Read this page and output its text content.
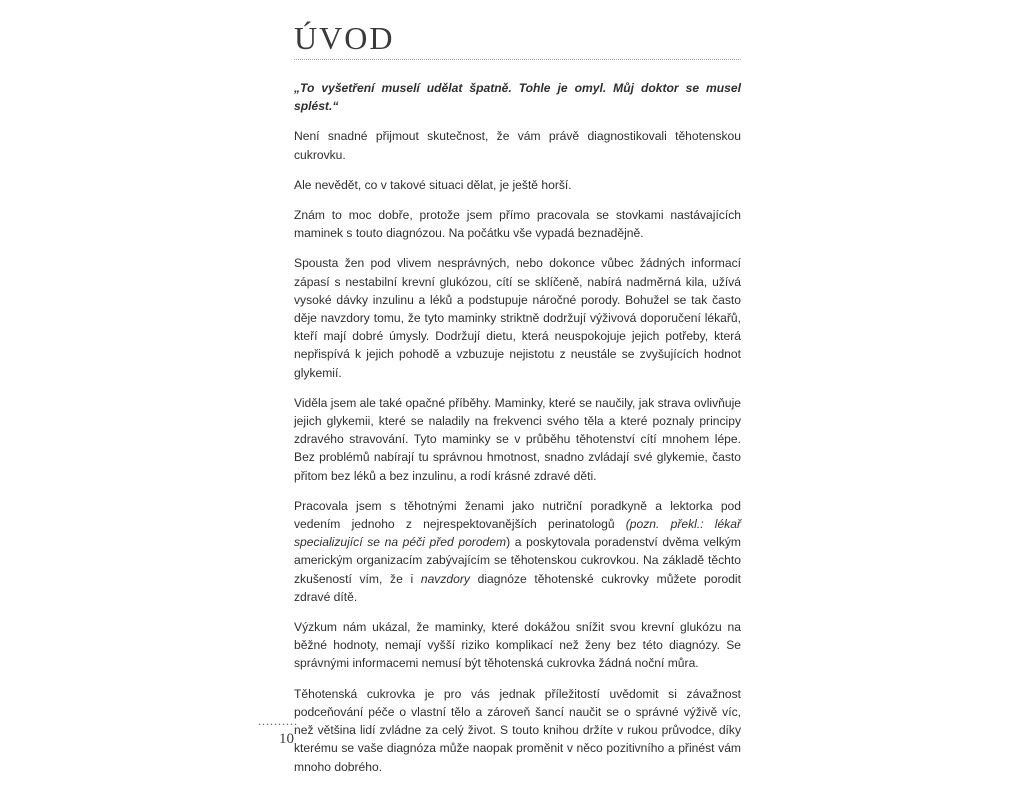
ÚVOD

„To vyšetření muselí udělat špatně. Tohle je omyl. Můj doktor se musel splést.“

Není snadné přijmout skutečnost, že vám právě diagnostikovali těhotenskou cukrovku.

Ale nevědět, co v takové situaci dělat, je ještě horší.

Znám to moc dobře, protože jsem přímo pracovala se stovkami nastávajících maminek s touto diagnózou. Na počátku vše vypadá beznadějně.

Spousta žen pod vlivem nesprávných, nebo dokonce vůbec žádných informací zápasí s nestabilní krevní glukózou, cítí se sklíčeně, nabírá nadměrná kila, užívá vysoké dávky inzulinu a léků a podstupuje náročné porody. Bohužel se tak často děje navzdory tomu, že tyto maminky striktně dodržují výživová doporučení lékařů, kteří mají dobré úmysly. Dodržují dietu, která neuspokojuje jejich potřeby, která nepřispívá k jejich pohodě a vzbuzuje nejistotu z neustále se zvyšujících hodnot glykemií.

Viděla jsem ale také opačné příběhy. Maminky, které se naučily, jak strava ovlivňuje jejich glykemii, které se naladily na frekvenci svého těla a které poznaly principy zdravého stravování. Tyto maminky se v průběhu těhotenství cítí mnohem lépe. Bez problémů nabírají tu správnou hmotnost, snadno zvládají své glykemie, často přitom bez léků a bez inzulinu, a rodí krásné zdravé děti.

Pracovala jsem s těhotnými ženami jako nutriční poradkyně a lektorka pod vedením jednoho z nejrespektovanějších perinatologů (pozn. překl.: lékař specializující se na péči před porodem) a poskytovala poradenství dvěma velkým americkým organizacím zabývajícím se těhotenskou cukrovkou. Na základě těchto zkušeností vím, že i navzdory diagnóze těhotenské cukrovky můžete porodit zdravé dítě.

Výzkum nám ukázal, že maminky, které dokážou snížit svou krevní glukózu na běžné hodnoty, nemají vyšší riziko komplikací než ženy bez této diagnózy. Se správnými informacemi nemusí být těhotenská cukrovka žádná noční můra.

Těhotenská cukrovka je pro vás jednak příležitostí uvědomit si závažnost podceňování péče o vlastní tělo a zároveň šancí naučit se o správné výživě víc, než většina lidí zvládne za celý život. S touto knihou držíte v rukou průvodce, díky kterému se vaše diagnóza může naopak proměnit v něco pozitivního a přinést vám mnoho dobrého.

..........
10
